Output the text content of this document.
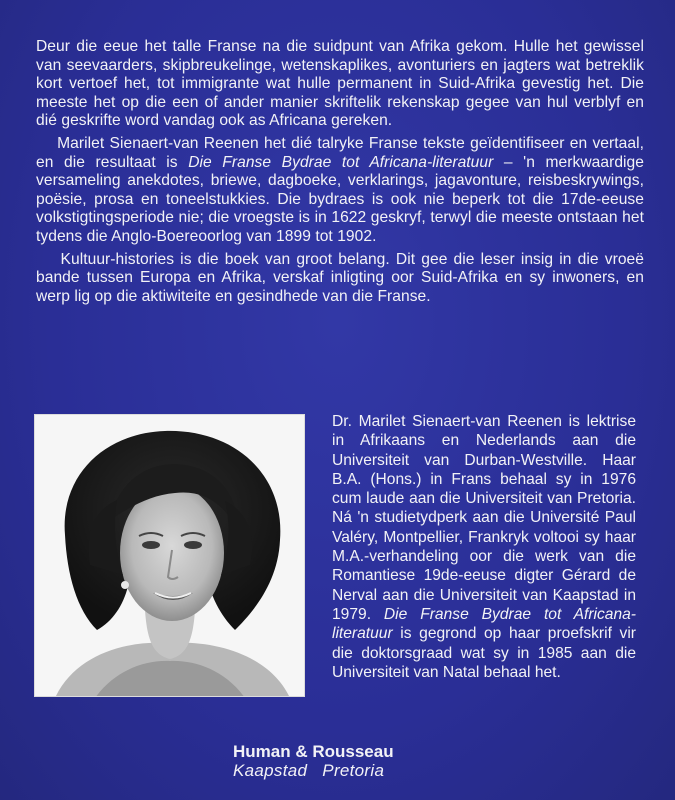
Deur die eeue het talle Franse na die suidpunt van Afrika gekom. Hulle het gewissel van seevaarders, skipbreukelinge, wetenskaplikes, avonturiers en jagters wat betreklik kort vertoef het, tot immigrante wat hulle permanent in Suid-Afrika gevestig het. Die meeste het op die een of ander manier skriftelik rekenskap gegee van hul verblyf en dié geskrifte word vandag ook as Africana gereken.

Marilet Sienaert-van Reenen het dié talryke Franse tekste geïdentifiseer en vertaal, en die resultaat is Die Franse Bydrae tot Africana-literatuur – 'n merkwaardige versameling anekdotes, briewe, dagboeke, verklarings, jagavonture, reisbeskrywings, poësie, prosa en toneelstukkies. Die bydraes is ook nie beperk tot die 17de-eeuse volkstigtingsperiode nie; die vroegste is in 1622 geskryf, terwyl die meeste ontstaan het tydens die Anglo-Boereoorlog van 1899 tot 1902.

Kultuur-histories is die boek van groot belang. Dit gee die leser insig in die vroeë bande tussen Europa en Afrika, verskaf inligting oor Suid-Afrika en sy inwoners, en werp lig op die aktiwiteite en gesindhede van die Franse.

Dr. Marilet Sienaert-van Reenen is lektrise in Afrikaans en Nederlands aan die Universiteit van Durban-Westville. Haar B.A. (Hons.) in Frans behaal sy in 1976 cum laude aan die Universiteit van Pretoria. Ná 'n studietydperk aan die Université Paul Valéry, Montpellier, Frankryk voltooi sy haar M.A.-verhandeling oor die werk van die Romantiese 19de-eeuse digter Gérard de Nerval aan die Universiteit van Kaapstad in 1979. Die Franse Bydrae tot Africana-literatuur is gegrond op haar proefskrif vir die doktorsgraad wat sy in 1985 aan die Universiteit van Natal behaal het.

Human & Rousseau
Kaapstad   Pretoria
